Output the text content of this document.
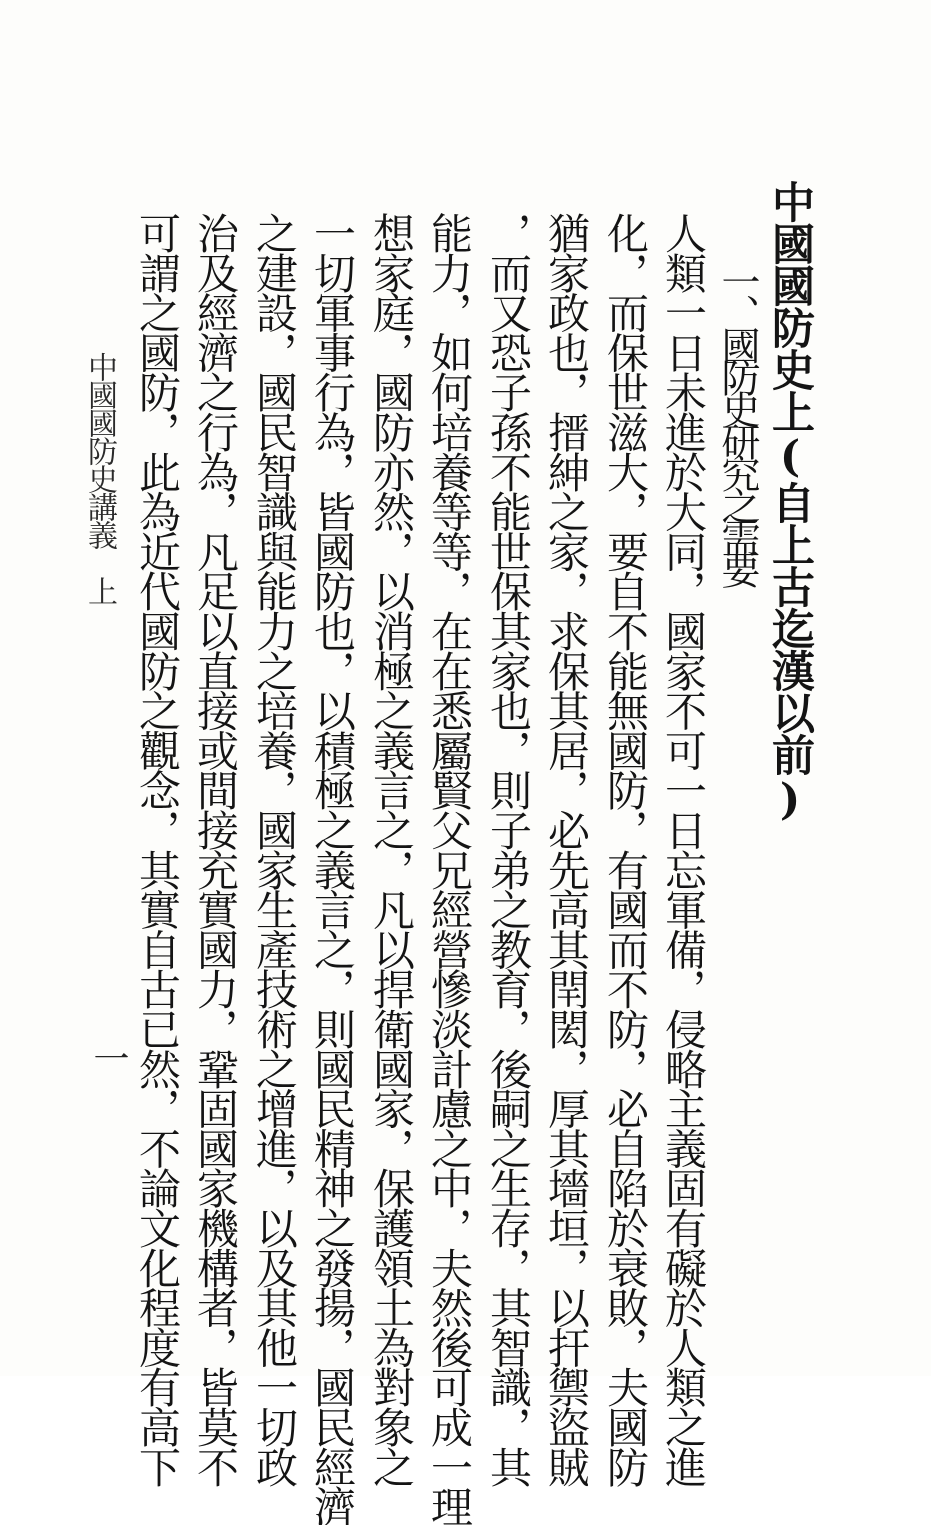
中國國防史上(自上古迄漢以前)
一、國防史研究之需要
人類一日未進於大同，國家不可一日忘軍備，侵略主義固有礙於人類之進
化，而保世滋大，要自不能無國防，有國而不防，必自陷於衰敗，夫國防
猶家政也，搢紳之家，求保其居，必先高其閈閎，厚其墻垣，以扞禦盜賊
，而又恐子孫不能世保其家也，則子弟之教育，後嗣之生存，其智識，其
能力，如何培養等等，在在悉屬賢父兄經營慘淡計慮之中，夫然後可成一理
想家庭，國防亦然，以消極之義言之，凡以捍衛國家，保護領土為對象之
一切軍事行為，皆國防也，以積極之義言之，則國民精神之發揚，國民經濟
之建設，國民智識與能力之培養，國家生產技術之增進，以及其他一切政
治及經濟之行為，凡足以直接或間接充實國力，鞏固國家機構者，皆莫不
可謂之國防，此為近代國防之觀念，其實自古已然，不論文化程度有高下
中國國防史講義　上
一
